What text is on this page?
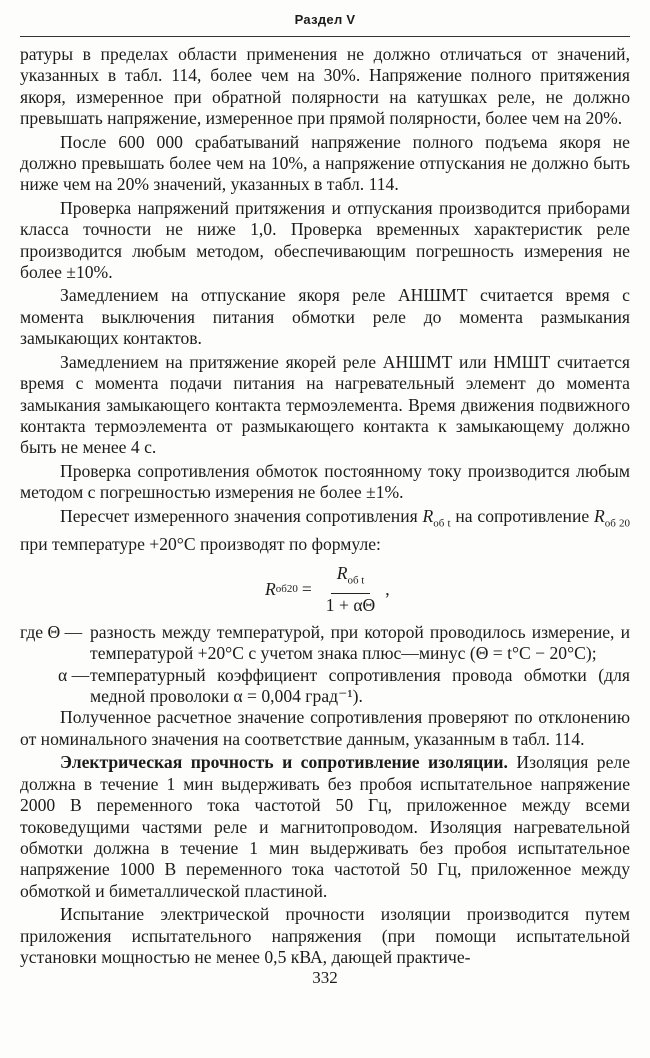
Раздел V

ратуры в пределах области применения не должно отличаться от значений, указанных в табл. 114, более чем на 30%. Напряжение полного притяжения якоря, измеренное при обратной полярности на катушках реле, не должно превышать напряжение, измеренное при прямой полярности, более чем на 20%.

После 600 000 срабатываний напряжение полного подъема якоря не должно превышать более чем на 10%, а напряжение отпускания не должно быть ниже чем на 20% значений, указанных в табл. 114.

Проверка напряжений притяжения и отпускания производится приборами класса точности не ниже 1,0. Проверка временных характеристик реле производится любым методом, обеспечивающим погрешность измерения не более ±10%.

Замедлением на отпускание якоря реле АНШМТ считается время с момента выключения питания обмотки реле до момента размыкания замыкающих контактов.

Замедлением на притяжение якорей реле АНШМТ или НМШТ считается время с момента подачи питания на нагревательный элемент до момента замыкания замыкающего контакта термоэлемента. Время движения подвижного контакта термоэлемента от размыкающего контакта к замыкающему должно быть не менее 4 с.

Проверка сопротивления обмоток постоянному току производится любым методом с погрешностью измерения не более ±1%.

Пересчет измеренного значения сопротивления $R_{об t}$ на сопротивление $R_{об 20}$ при температуре +20°C производят по формуле:

R $об20 = \frac{R_{об t}}{1 + \alpha\Theta}$ ,
где Θ — разность между температурой, при которой проводилось измерение, и температурой +20°C с учетом знака плюс—минус (Θ = t°C − 20°C);
α — температурный коэффициент сопротивления провода обмотки (для медной проволоки α = 0,004 град⁻¹).

Полученное расчетное значение сопротивления проверяют по отклонению от номинального значения на соответствие данным, указанным в табл. 114.

Электрическая прочность и сопротивление изоляции. Изоляция реле должна в течение 1 мин выдерживать без пробоя испытательное напряжение 2000 В переменного тока частотой 50 Гц, приложенное между всеми токоведущими частями реле и магнитопроводом. Изоляция нагревательной обмотки должна в течение 1 мин выдерживать без пробоя испытательное напряжение 1000 В переменного тока частотой 50 Гц, приложенное между обмоткой и биметаллической пластиной.

Испытание электрической прочности изоляции производится путем приложения испытательного напряжения (при помощи испытательной установки мощностью не менее 0,5 кВА, дающей практиче-

332
